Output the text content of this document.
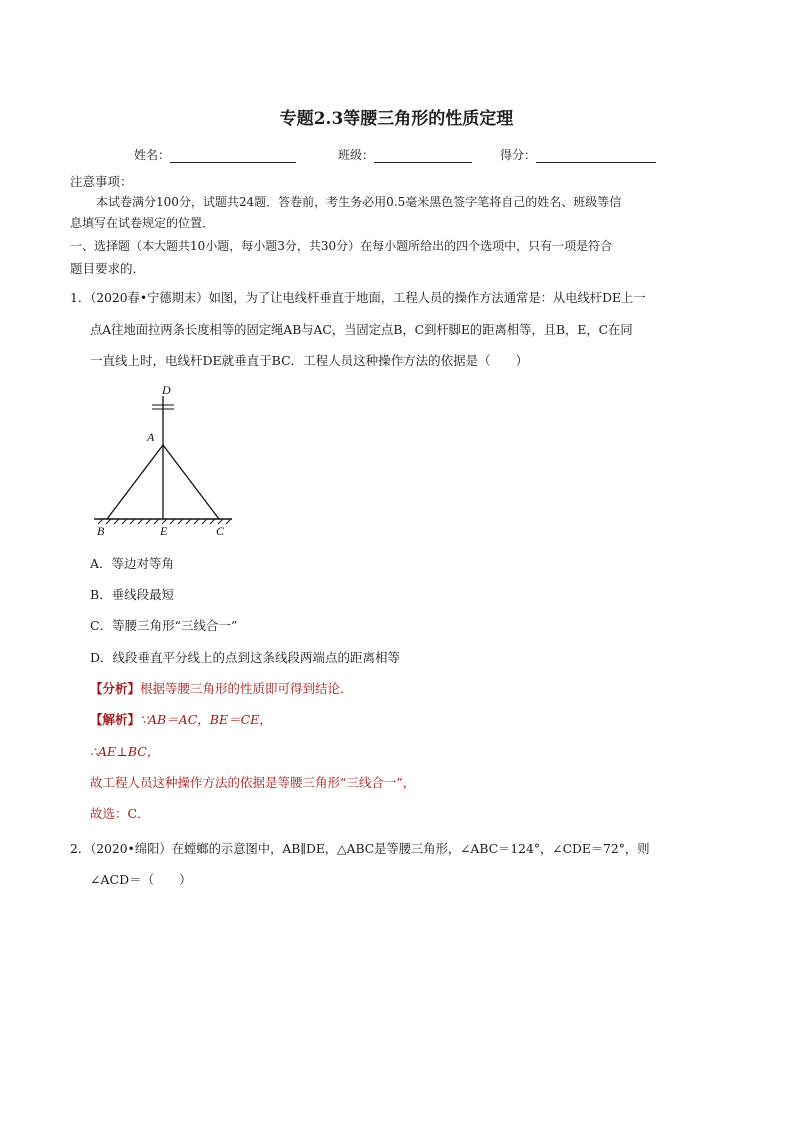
专题2.3等腰三角形的性质定理
姓名：	班级：	得分：
注意事项：
本试卷满分100分，试题共24题．答卷前，考生务必用0.5毫米黑色签字笔将自己的姓名、班级等信
息填写在试卷规定的位置．
一、选择题（本大题共10小题，每小题3分，共30分）在每小题所给出的四个选项中，只有一项是符合
题目要求的．
1．（2020春•宁德期末）如图，为了让电线杆垂直于地面，工程人员的操作方法通常是：从电线杆DE上一
点A往地面拉两条长度相等的固定绳AB与AC，当固定点B，C到杆脚E的距离相等，且B，E，C在同
一直线上时，电线杆DE就垂直于BC．工程人员这种操作方法的依据是（　　）
D
A
B	E	C
A．等边对等角
B．垂线段最短
C．等腰三角形“三线合一”
D．线段垂直平分线上的点到这条线段两端点的距离相等
【分析】根据等腰三角形的性质即可得到结论．
【解析】∵AB＝AC，BE＝CE，
∴AE⊥BC，
故工程人员这种操作方法的依据是等腰三角形“三线合一”，
故选：C．
2．（2020•绵阳）在螳螂的示意图中，AB∥DE，△ABC是等腰三角形，∠ABC＝124°，∠CDE＝72°，则
∠ACD＝（　　）
